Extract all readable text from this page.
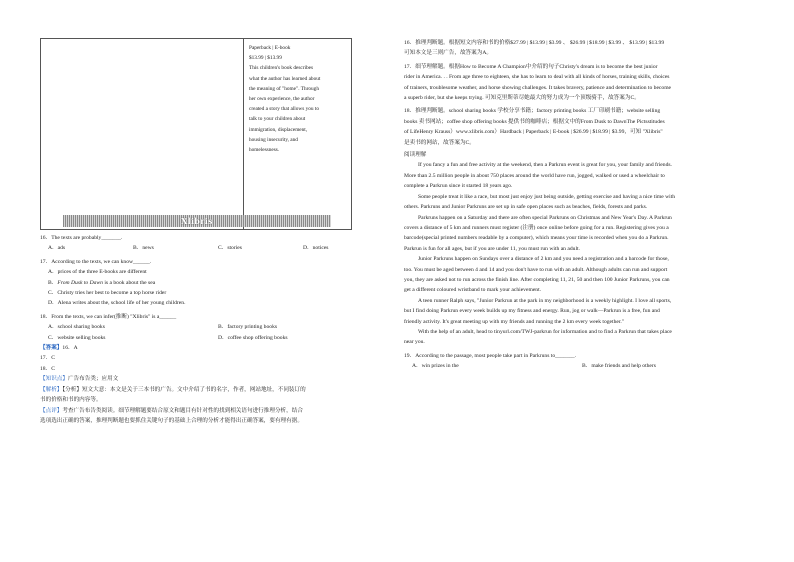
Paperback | E-book
$13.99 | $13.99
This children's book describes
what the author has learned about
the meaning of "home". Through
her own experience, the author
created a story that allows you to
talk to your children about
immigration, displacement,
housing insecurity, and
homelessness.
Xlibris
16．The texts are probably_______.
A．ads	B．news	C．stories	D．notices
17．According to the texts, we can know______.
A．prices of the three E-books are different
B．From Dusk to Dawn is a book about the sea
C．Christy tries her best to become a top horse rider
D．Alena writes about the, school life of her young children.
18．From the texts, we can infer(推断) "Xlibris" is a______
A．school sharing books	B．factory printing books
C．website selling books	D．coffee shop offering books
【答案】16．A
17．C
18．C
【知识点】广告布告类；应用文
【解析】【分析】短文大意：本文是关于三本书的广告。文中介绍了书的名字，作者，网站地址，不同装订的
书的价格和书的内容等。
【点评】考查广告布告类阅读。细节理解题要结合原文和题目有针对性的找到相关语句进行推理分析，结合
选项选出正确的答案，推理判断题也要抓住关键句子的基础上合理的分析才能得出正确答案，要有理有据。
16．推理判断题。根据短文内容和书的价格$27.99 | $13.99 | $3.99 、 $26.99 | $18.99 | $3.99 、 $13.99 | $13.99
可知本文是三则广告，故答案为A。
17．细节理解题。根据How to Become A Champion中介绍的句子Christy's dream is to become the best junior
rider in America. . . From age three to eighteen, she has to learn to deal with all kinds of horses, training skills, choices
of trainers, troublesome weather, and horse showing challenges. It takes bravery, patience and determination to become
a superb rider, but she keeps trying. 可知克里斯蒂尽她最大的努力成为一个顶级骑手，故答案为C。
18．推理判断题。school sharing books 学校分享书籍；factory printing books 工厂印刷书籍；website selling
books 卖书网站；coffee shop offering books 提供书的咖啡店；根据文中的From Dusk to DawnThe Pictsstitudes
of LifeHenry Krauss）www.xlibris.com）Hardback | Paperback | E-book | $26.99 | $18.99 | $3.99，可知 "Xlibris"
是卖书的网站，故答案为C。
阅读理解
If you fancy a fun and free activity at the weekend, then a Parkrun event is great for you, your family and friends.
More than 2.5 million people in about 750 places around the world have run, jogged, walked or used a wheelchair to
complete a Parkrun since it started 18 years ago.
Some people treat it like a race, but most just enjoy just being outside, getting exercise and having a nice time with
others. Parkruns and Junior Parkruns are set up in safe open places such as beaches, fields, forests and parks.
Parkruns happen on a Saturday and there are often special Parkruns on Christmas and New Year's Day. A Parkrun
covers a distance of 5 km and runners must register (注册) once online before going for a run. Registering gives you a
barcode(special printed numbers readable by a computer), which means your time is recorded when you do a Parkrun.
Parkrun is fun for all ages, but if you are under 11, you must run with an adult.
Junior Parkruns happen on Sundays over a distance of 2 km and you need a registration and a barcode for those,
too. You must be aged between 4 and 14 and you don't have to run with an adult. Although adults can run and support
you, they are asked not to run across the finish line. After completing 11, 21, 50 and then 100 Junior Parkruns, you can
get a different coloured wristband to mark your achievement.
A teen runner Ralph says, "Junior Parkrun at the park in my neighborhood is a weekly highlight. I love all sports,
but I find doing Parkrun every week builds up my fitness and energy. Run, jog or walk—Parkrun is a free, fun and
friendly activity. It's great meeting up with my friends and running the 2 km every week together."
With the help of an adult, head to tinyurl.com/TWJ-parkrun for information and to find a Parkrun that takes place
near you.
19．According to the passage, most people take part in Parkruns to_______.
A．win prizes in the	B．make friends and help others
